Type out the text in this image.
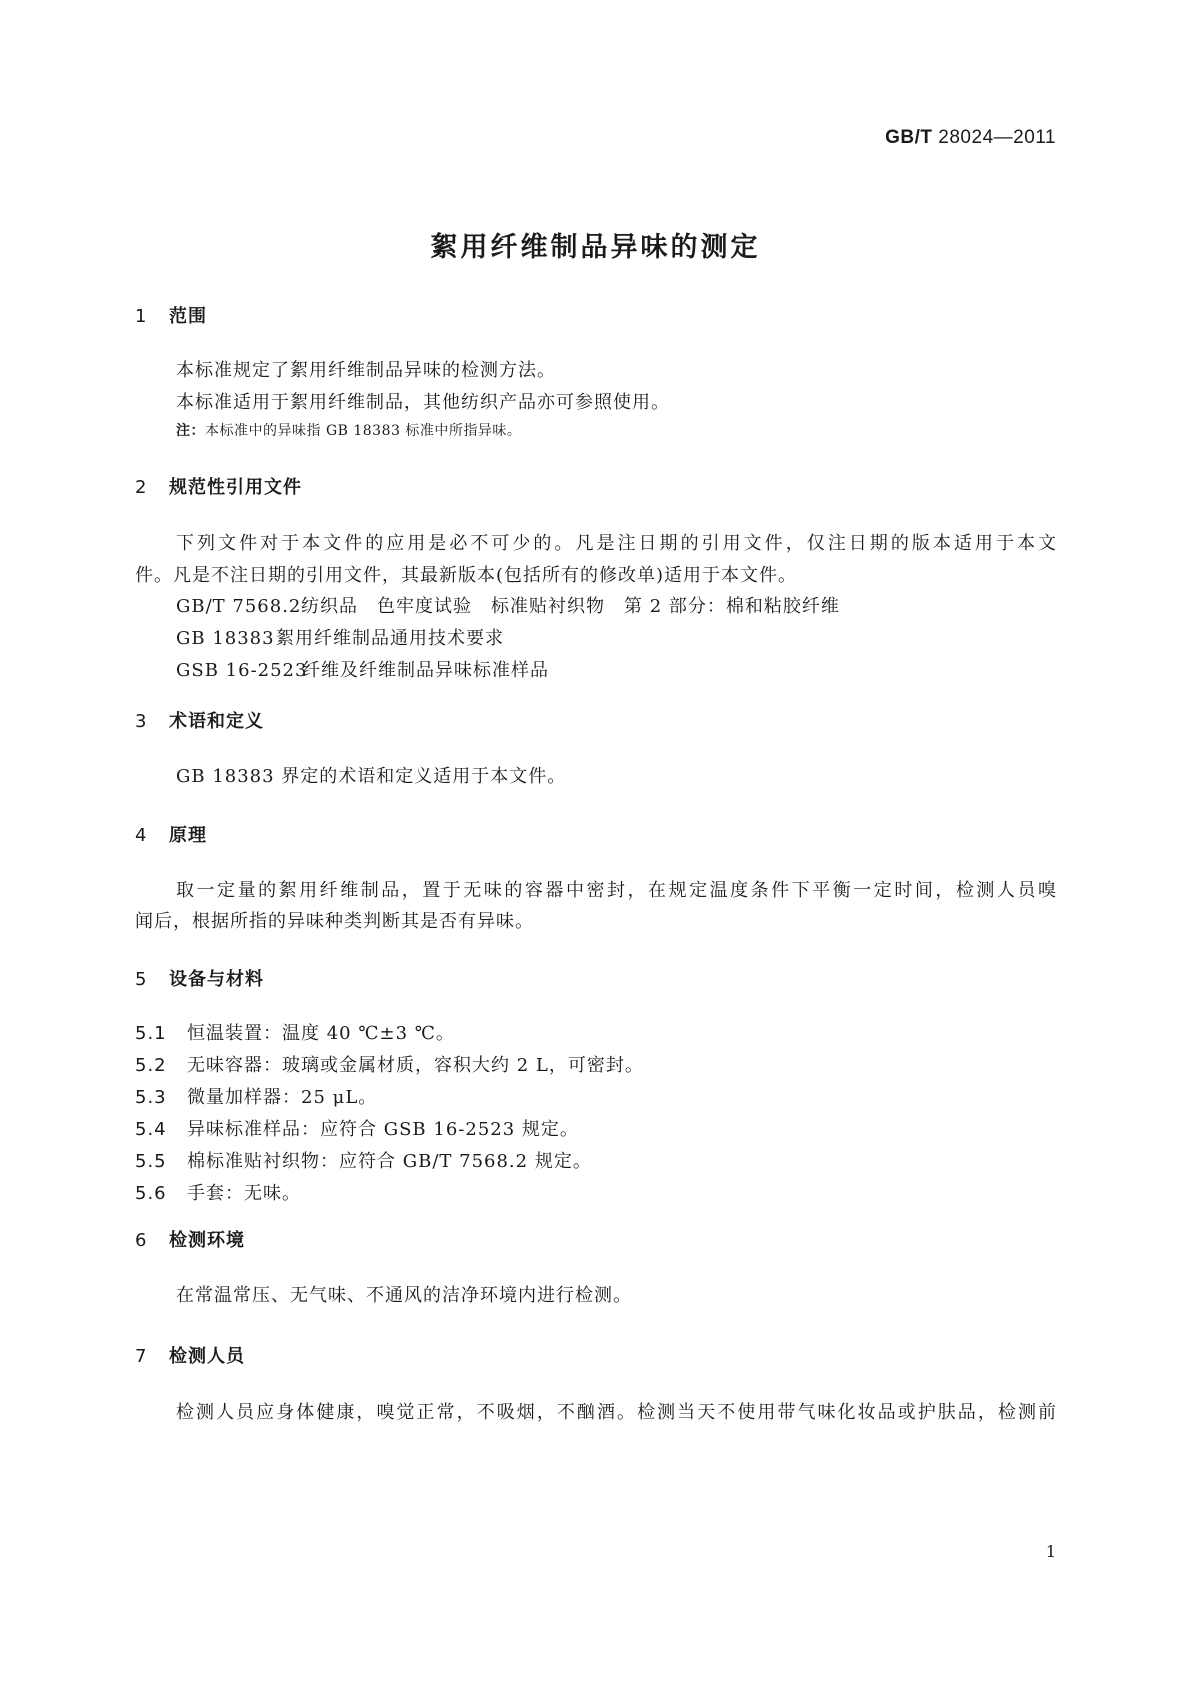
GB/T 28024—2011
絮用纤维制品异味的测定
1 范围
本标准规定了絮用纤维制品异味的检测方法。
本标准适用于絮用纤维制品，其他纺织产品亦可参照使用。
注：本标准中的异味指 GB 18383 标准中所指异味。
2 规范性引用文件
下列文件对于本文件的应用是必不可少的。凡是注日期的引用文件，仅注日期的版本适用于本文
件。凡是不注日期的引用文件，其最新版本(包括所有的修改单)适用于本文件。
GB/T 7568.2纺织品　色牢度试验　标准贴衬织物　第 2 部分：棉和粘胶纤维
GB 18383絮用纤维制品通用技术要求
GSB 16-2523纤维及纤维制品异味标准样品
3 术语和定义
GB 18383 界定的术语和定义适用于本文件。
4 原理
取一定量的絮用纤维制品，置于无味的容器中密封，在规定温度条件下平衡一定时间，检测人员嗅
闻后，根据所指的异味种类判断其是否有异味。
5 设备与材料
5.1 恒温装置：温度 40 ℃±3 ℃。
5.2 无味容器：玻璃或金属材质，容积大约 2 L，可密封。
5.3 微量加样器：25 μL。
5.4 异味标准样品：应符合 GSB 16-2523 规定。
5.5 棉标准贴衬织物：应符合 GB/T 7568.2 规定。
5.6 手套：无味。
6 检测环境
在常温常压、无气味、不通风的洁净环境内进行检测。
7 检测人员
检测人员应身体健康，嗅觉正常，不吸烟，不酗酒。检测当天不使用带气味化妆品或护肤品，检测前
1
